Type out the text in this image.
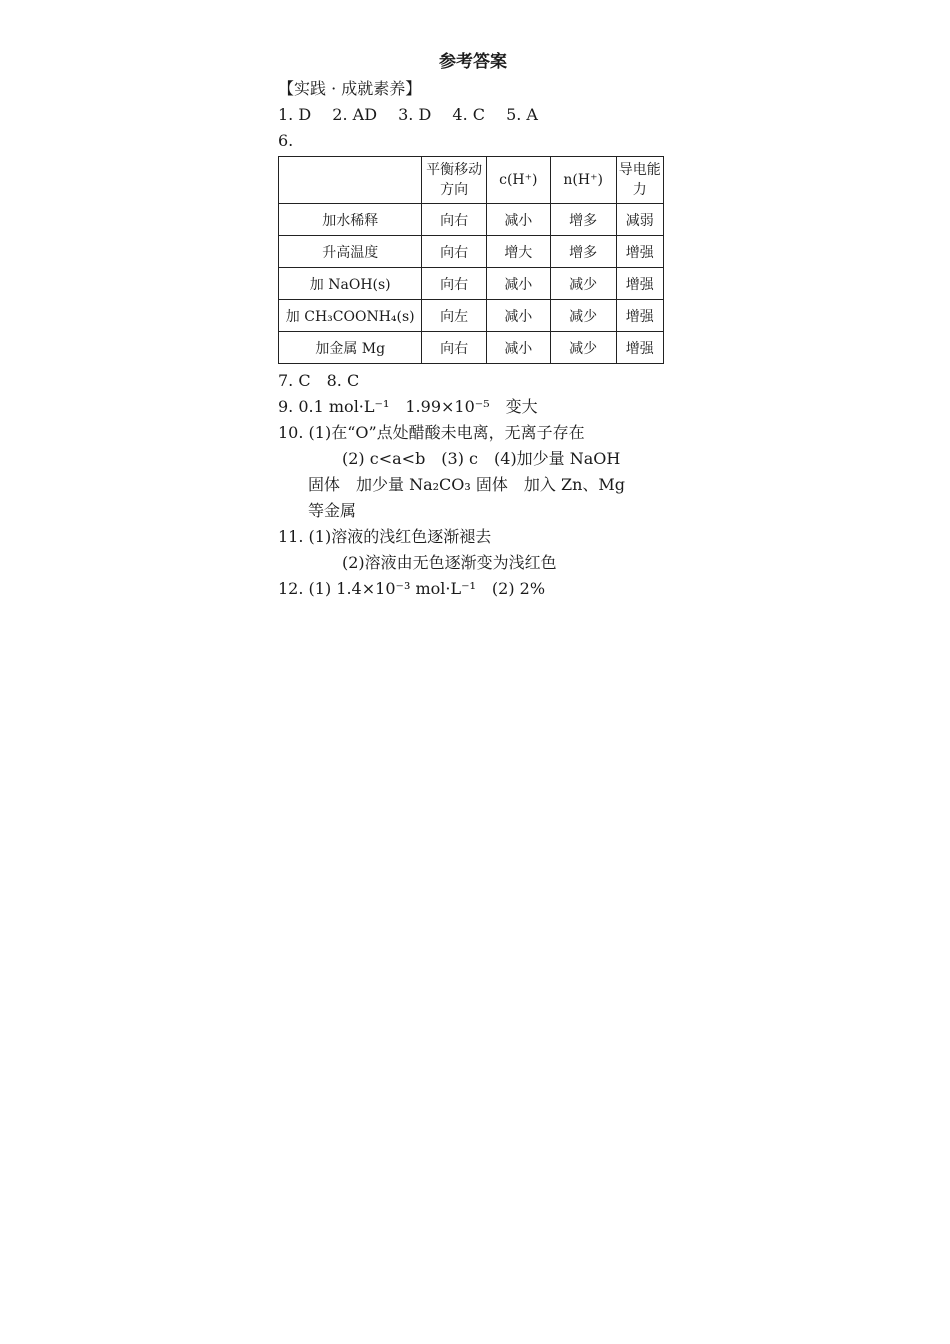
参考答案
【实践 · 成就素养】
1. D 2. AD 3. D 4. C 5. A
6.
	平衡移动方向	c(H⁺)	n(H⁺)	导电能力
加水稀释	向右	减小	增多	减弱
升高温度	向右	增大	增多	增强
加 NaOH(s)	向右	减小	减少	增强
加 CH₃COONH₄(s)	向左	减小	减少	增强
加金属 Mg	向右	减小	减少	增强
7. C　8. C
9. 0.1 mol·L⁻¹　1.99×10⁻⁵　变大
10. (1)在“O”点处醋酸未电离，无离子存在
(2) c<a<b　(3) c　(4)加少量 NaOH
固体　加少量 Na₂CO₃ 固体　加入 Zn、Mg
等金属
11. (1)溶液的浅红色逐渐褪去
(2)溶液由无色逐渐变为浅红色
12. (1) 1.4×10⁻³ mol·L⁻¹　(2) 2%
